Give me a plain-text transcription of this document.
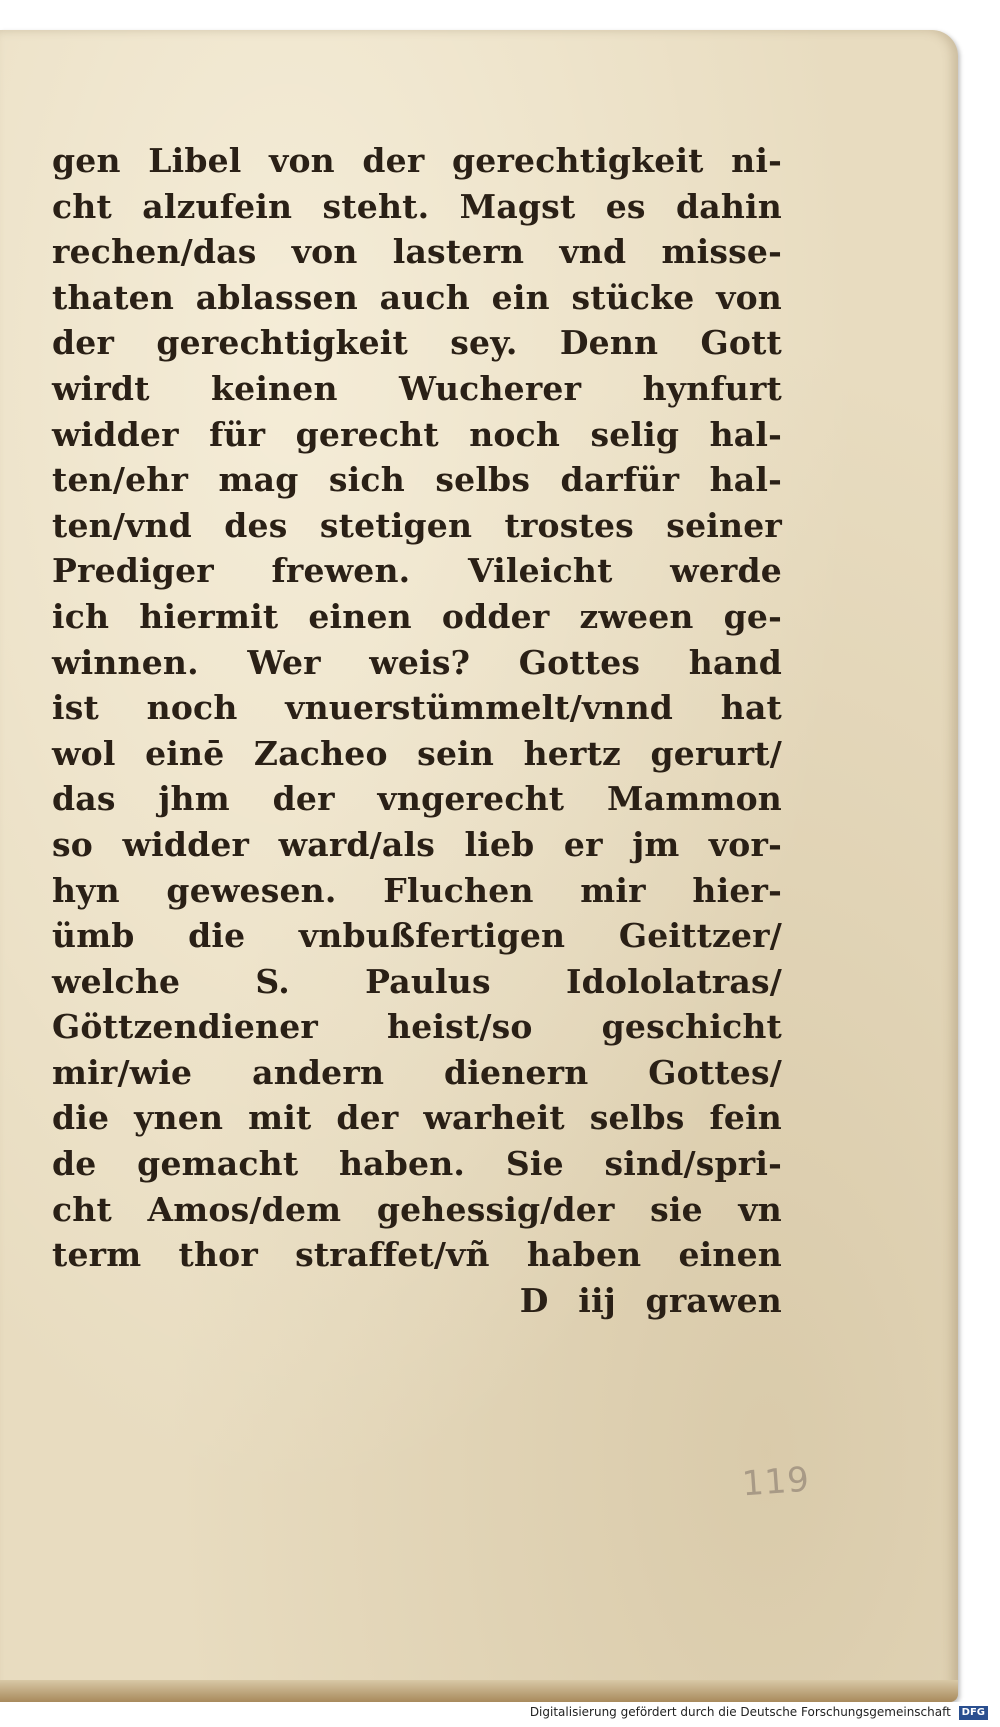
gen Libel von der gerechtigkeit ni-
cht alzufein steht. Magst es dahin
rechen/das von lastern vnd misse-
thaten ablassen auch ein stücke von
der gerechtigkeit sey. Denn Gott
wirdt keinen Wucherer hynfurt
widder für gerecht noch selig hal-
ten/ehr mag sich selbs darfür hal-
ten/vnd des stetigen trostes seiner
Prediger frewen. Vileicht werde
ich hiermit einen odder zween ge-
winnen. Wer weis? Gottes hand
ist noch vnuerstümmelt/vnnd hat
wol einē Zacheo sein hertz gerurt/
das jhm der vngerecht Mammon
so widder ward/als lieb er jm vor-
hyn gewesen. Fluchen mir hier-
ümb die vnbußfertigen Geittzer/
welche S. Paulus Idololatras/
Göttzendiener heist/so geschicht
mir/wie andern dienern Gottes/
die ynen mit der warheit selbs fein
de gemacht haben. Sie sind/spri-
cht Amos/dem gehessig/der sie vn
term thor straffet/vñ haben einen
D iij grawen
119
Digitalisierung gefördert durch die Deutsche Forschungsgemeinschaft DFG
